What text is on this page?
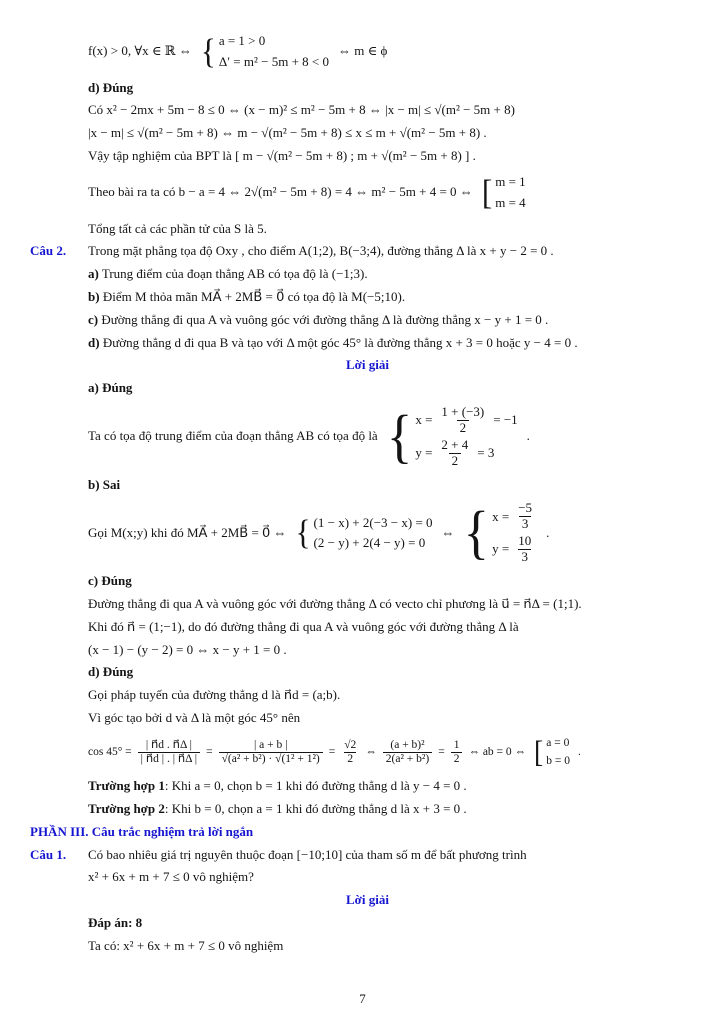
f(x) > 0, ∀x ∈ ℝ ⇔
{ a = 1 > 0
Δ′ = m² − 5m + 8 < 0
⇔ m ∈ ϕ
d) Đúng
Có x² − 2mx + 5m − 8 ≤ 0 ⇔ (x − m)² ≤ m² − 5m + 8 ⇔ |x − m| ≤ √(m² − 5m + 8)
|x − m| ≤ √(m² − 5m + 8) ⇔ m − √(m² − 5m + 8) ≤ x ≤ m + √(m² − 5m + 8) .
Vậy tập nghiệm của BPT là [ m − √(m² − 5m + 8) ; m + √(m² − 5m + 8) ] .
Theo bài ra ta có b − a = 4 ⇔ 2√(m² − 5m + 8) = 4 ⇔ m² − 5m + 4 = 0 ⇔
[ m = 1
m = 4
Tổng tất cả các phần tử của S là 5.
Câu 2.	Trong mặt phẳng tọa độ Oxy , cho điểm A(1;2), B(−3;4), đường thẳng Δ là x + y − 2 = 0 .
a) Trung điểm của đoạn thẳng AB có tọa độ là (−1;3).
b) Điểm M thỏa mãn MA⃗ + 2MB⃗ = 0⃗ có tọa độ là M(−5;10).
c) Đường thẳng đi qua A và vuông góc với đường thẳng Δ là đường thẳng x − y + 1 = 0 .
d) Đường thẳng d đi qua B và tạo với Δ một góc 45° là đường thẳng x + 3 = 0 hoặc y − 4 = 0 .
Lời giải
a) Đúng
Ta có tọa độ trung điểm của đoạn thẳng AB có tọa độ là
{ $x = \frac{1 + (-3)}{2} = -1$
$y = \frac{2 + 4}{2} = 3$
.
b) Sai
Gọi M(x;y) khi đó MA⃗ + 2MB⃗ = 0⃗ ⇔
{ (1 − x) + 2(−3 − x) = 0
(2 − y) + 2(4 − y) = 0
⇔
{ $x = \frac{-5}{3}$
$y = \frac{10}{3}$
.
c) Đúng
Đường thẳng đi qua A và vuông góc với đường thẳng Δ có vecto chỉ phương là u⃗ = n⃗Δ = (1;1).
Khi đó n⃗ = (1;−1), do đó đường thẳng đi qua A và vuông góc với đường thẳng Δ là
(x − 1) − (y − 2) = 0 ⇔ x − y + 1 = 0 .
d) Đúng
Gọi pháp tuyến của đường thẳng d là n⃗d = (a;b).
Vì góc tạo bởi d và Δ là một góc 45° nên
$\cos 45^\circ = \frac{| n⃗d . n⃗\Delta |}{| n⃗d | . | n⃗\Delta |} = \frac{| a + b |}{\text{√(a² + b²) · √(1² + 1²)}} = \frac{√2}{2}$ ⇔ $\frac{\text{(a + b)²}}{\text{2(a² + b²)}} = \frac{1}{2}$ ⇔ ab = 0 ⇔
[ a = 0
b = 0
.
Trường hợp 1: Khi a = 0, chọn b = 1 khi đó đường thẳng d là y − 4 = 0 .
Trường hợp 2: Khi b = 0, chọn a = 1 khi đó đường thẳng d là x + 3 = 0 .
PHẦN III. Câu trắc nghiệm trả lời ngắn
Câu 1.	Có bao nhiêu giá trị nguyên thuộc đoạn [−10;10] của tham số m để bất phương trình
x² + 6x + m + 7 ≤ 0 vô nghiệm?
Lời giải
Đáp án: 8
Ta có: x² + 6x + m + 7 ≤ 0 vô nghiệm
7
